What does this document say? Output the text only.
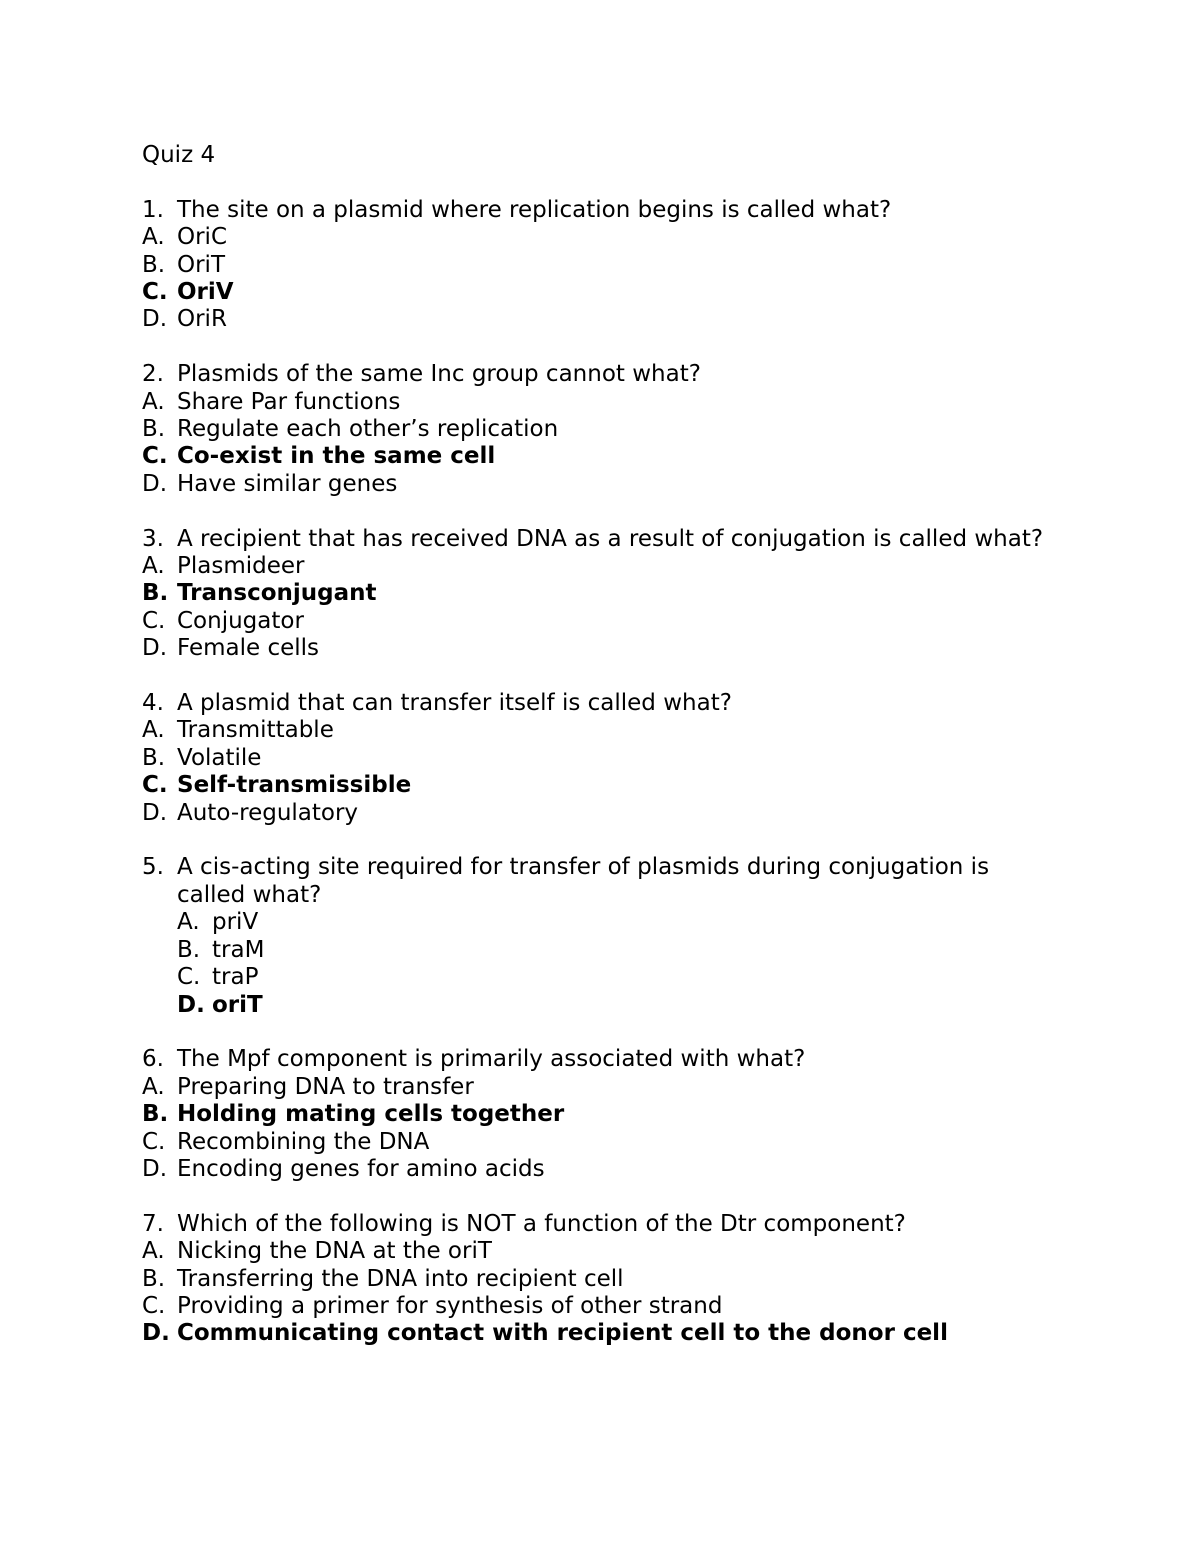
Quiz 4
1. The site on a plasmid where replication begins is called what?
A. OriC
B. OriT
C. OriV
D. OriR
2. Plasmids of the same Inc group cannot what?
A. Share Par functions
B. Regulate each other’s replication
C. Co-exist in the same cell
D. Have similar genes
3. A recipient that has received DNA as a result of conjugation is called what?
A. Plasmideer
B. Transconjugant
C. Conjugator
D. Female cells
4. A plasmid that can transfer itself is called what?
A. Transmittable
B. Volatile
C. Self-transmissible
D. Auto-regulatory
5. A cis-acting site required for transfer of plasmids during conjugation is called what?
A. priV
B. traM
C. traP
D. oriT
6. The Mpf component is primarily associated with what?
A. Preparing DNA to transfer
B. Holding mating cells together
C. Recombining the DNA
D. Encoding genes for amino acids
7. Which of the following is NOT a function of the Dtr component?
A. Nicking the DNA at the oriT
B. Transferring the DNA into recipient cell
C. Providing a primer for synthesis of other strand
D. Communicating contact with recipient cell to the donor cell
